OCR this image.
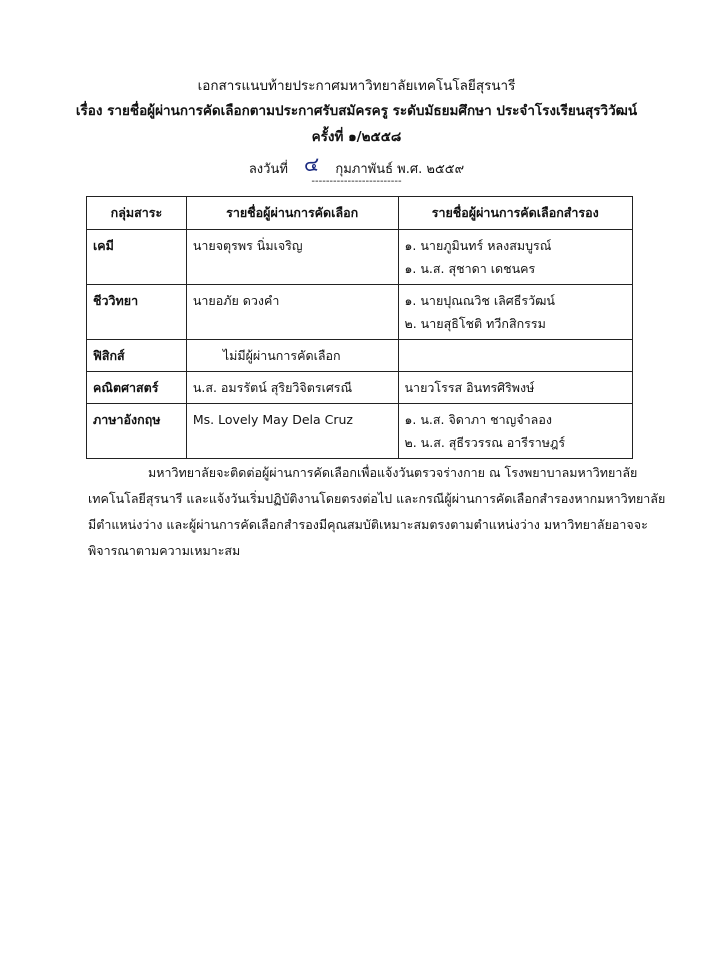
เอกสารแนบท้ายประกาศมหาวิทยาลัยเทคโนโลยีสุรนารี
เรื่อง รายชื่อผู้ผ่านการคัดเลือกตามประกาศรับสมัครครู ระดับมัธยมศึกษา ประจำโรงเรียนสุรวิวัฒน์
ครั้งที่ ๑/๒๕๕๘
ลงวันที่ ๔ กุมภาพันธ์ พ.ศ. ๒๕๕๙
-------------------------
กลุ่มสาระ	รายชื่อผู้ผ่านการคัดเลือก	รายชื่อผู้ผ่านการคัดเลือกสำรอง

เคมี	นายจตุรพร นิ่มเจริญ	๑. นายภูมินทร์ หลงสมบูรณ์
๑. น.ส. สุชาดา เดชนคร

ชีววิทยา	นายอภัย ดวงคำ	๑. นายปุณณวิช เลิศธีรวัฒน์
๒. นายสุธิโชติ ทวีกสิกรรม

ฟิสิกส์	ไม่มีผู้ผ่านการคัดเลือก	

คณิตศาสตร์	น.ส. อมรรัตน์ สุริยวิจิตรเศรณี	นายวโรรส อินทรศิริพงษ์

ภาษาอังกฤษ	Ms. Lovely May Dela Cruz	๑. น.ส. จิดาภา ชาญจำลอง
๒. น.ส. สุธีรวรรณ อารีราษฎร์
มหาวิทยาลัยจะติดต่อผู้ผ่านการคัดเลือกเพื่อแจ้งวันตรวจร่างกาย ณ โรงพยาบาลมหาวิทยาลัย
เทคโนโลยีสุรนารี และแจ้งวันเริ่มปฏิบัติงานโดยตรงต่อไป และกรณีผู้ผ่านการคัดเลือกสำรองหากมหาวิทยาลัย
มีตำแหน่งว่าง และผู้ผ่านการคัดเลือกสำรองมีคุณสมบัติเหมาะสมตรงตามตำแหน่งว่าง มหาวิทยาลัยอาจจะ
พิจารณาตามความเหมาะสม
